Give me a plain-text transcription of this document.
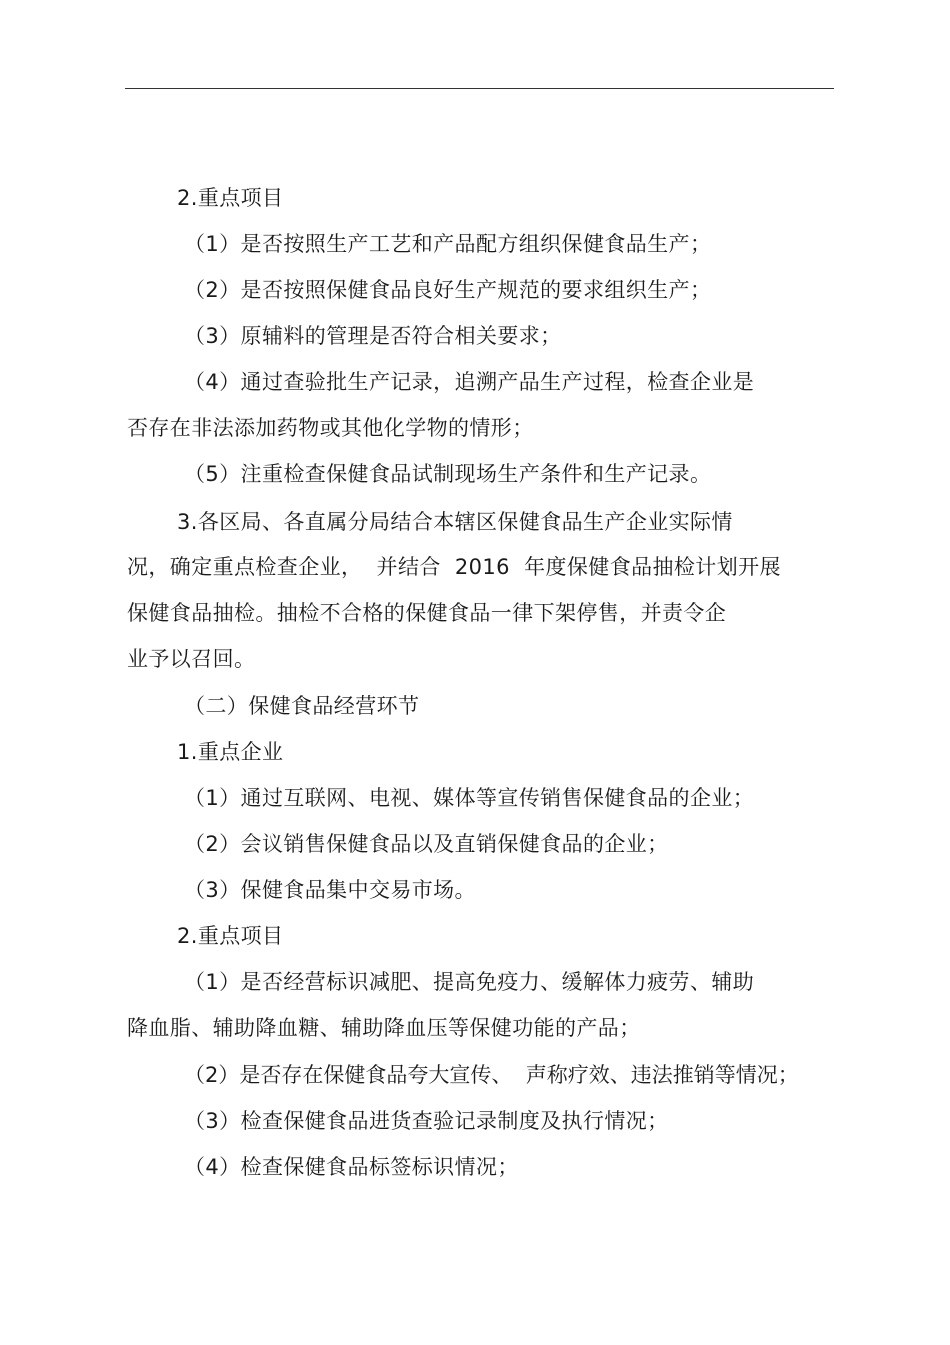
2.重点项目
（1）是否按照生产工艺和产品配方组织保健食品生产；
（2）是否按照保健食品良好生产规范的要求组织生产；
（3）原辅料的管理是否符合相关要求；
（4）通过查验批生产记录，追溯产品生产过程，检查企业是
否存在非法添加药物或其他化学物的情形；
（5）注重检查保健食品试制现场生产条件和生产记录。
3.各区局、各直属分局结合本辖区保健食品生产企业实际情
况，确定重点检查企业，  并结合  2016  年度保健食品抽检计划开展
保健食品抽检。抽检不合格的保健食品一律下架停售，并责令企
业予以召回。
（二）保健食品经营环节
1.重点企业
（1）通过互联网、电视、媒体等宣传销售保健食品的企业；
（2）会议销售保健食品以及直销保健食品的企业；
（3）保健食品集中交易市场。
2.重点项目
（1）是否经营标识减肥、提高免疫力、缓解体力疲劳、辅助
降血脂、辅助降血糖、辅助降血压等保健功能的产品；
（2）是否存在保健食品夸大宣传、  声称疗效、违法推销等情况；
（3）检查保健食品进货查验记录制度及执行情况；
（4）检查保健食品标签标识情况；
